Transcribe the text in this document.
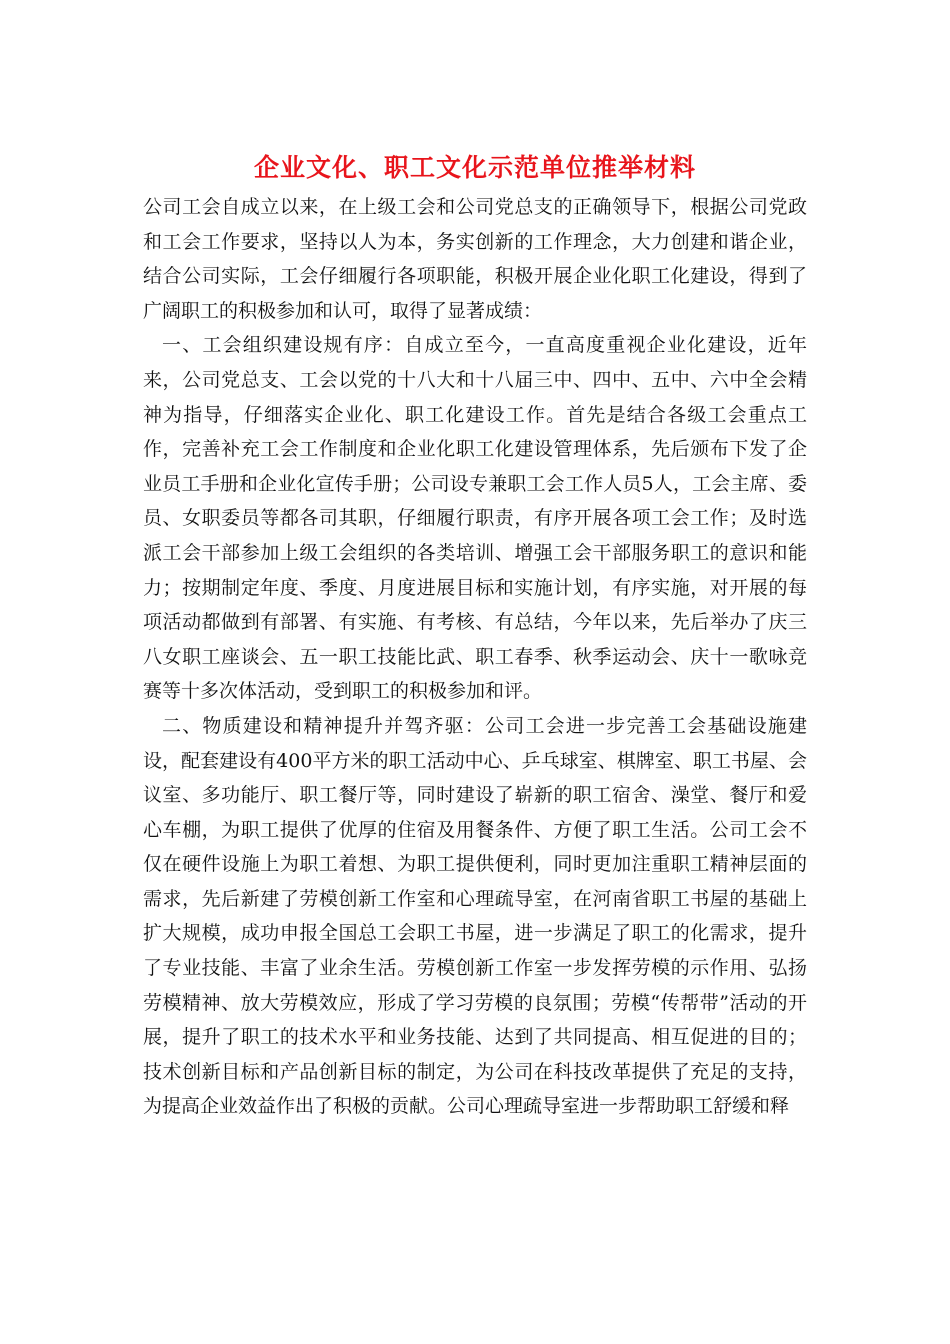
企业文化、职工文化示范单位推举材料

公司工会自成立以来，在上级工会和公司党总支的正确领导下，根据公司党政和工会工作要求，坚持以人为本，务实创新的工作理念，大力创建和谐企业，结合公司实际，工会仔细履行各项职能，积极开展企业化职工化建设，得到了广阔职工的积极参加和认可，取得了显著成绩：

一、工会组织建设规有序：自成立至今，一直高度重视企业化建设，近年来，公司党总支、工会以党的十八大和十八届三中、四中、五中、六中全会精神为指导，仔细落实企业化、职工化建设工作。首先是结合各级工会重点工作，完善补充工会工作制度和企业化职工化建设管理体系，先后颁布下发了企业员工手册和企业化宣传手册；公司设专兼职工会工作人员5人，工会主席、委员、女职委员等都各司其职，仔细履行职责，有序开展各项工会工作；及时选派工会干部参加上级工会组织的各类培训、增强工会干部服务职工的意识和能力；按期制定年度、季度、月度进展目标和实施计划，有序实施，对开展的每项活动都做到有部署、有实施、有考核、有总结，今年以来，先后举办了庆三八女职工座谈会、五一职工技能比武、职工春季、秋季运动会、庆十一歌咏竞赛等十多次体活动，受到职工的积极参加和评。

二、物质建设和精神提升并驾齐驱：公司工会进一步完善工会基础设施建设，配套建设有400平方米的职工活动中心、乒乓球室、棋牌室、职工书屋、会议室、多功能厅、职工餐厅等，同时建设了崭新的职工宿舍、澡堂、餐厅和爱心车棚，为职工提供了优厚的住宿及用餐条件、方便了职工生活。公司工会不仅在硬件设施上为职工着想、为职工提供便利，同时更加注重职工精神层面的需求，先后新建了劳模创新工作室和心理疏导室，在河南省职工书屋的基础上扩大规模，成功申报全国总工会职工书屋，进一步满足了职工的化需求，提升了专业技能、丰富了业余生活。劳模创新工作室一步发挥劳模的示作用、弘扬劳模精神、放大劳模效应，形成了学习劳模的良氛围；劳模“传帮带”活动的开展，提升了职工的技术水平和业务技能、达到了共同提高、相互促进的目的；技术创新目标和产品创新目标的制定，为公司在科技改革提供了充足的支持，为提高企业效益作出了积极的贡献。公司心理疏导室进一步帮助职工舒缓和释
